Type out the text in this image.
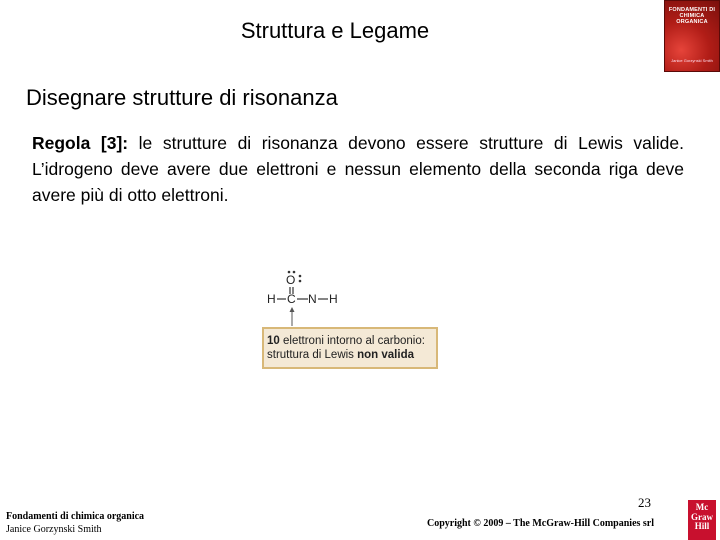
Struttura e Legame
FONDAMENTI DI CHIMICA ORGANICA
Janice Gorzynski Smith
Disegnare strutture di risonanza
Regola [3]: le strutture di risonanza devono essere strutture di Lewis valide. L’idrogeno deve avere due elettroni e nessun elemento della seconda riga deve avere più di otto elettroni.
O
H C N H
10 elettroni intorno al carbonio:
struttura di Lewis non valida
Fondamenti di chimica organica
Janice Gorzynski Smith
23
Copyright © 2009 – The McGraw-Hill Companies srl
Mc
Graw
Hill
